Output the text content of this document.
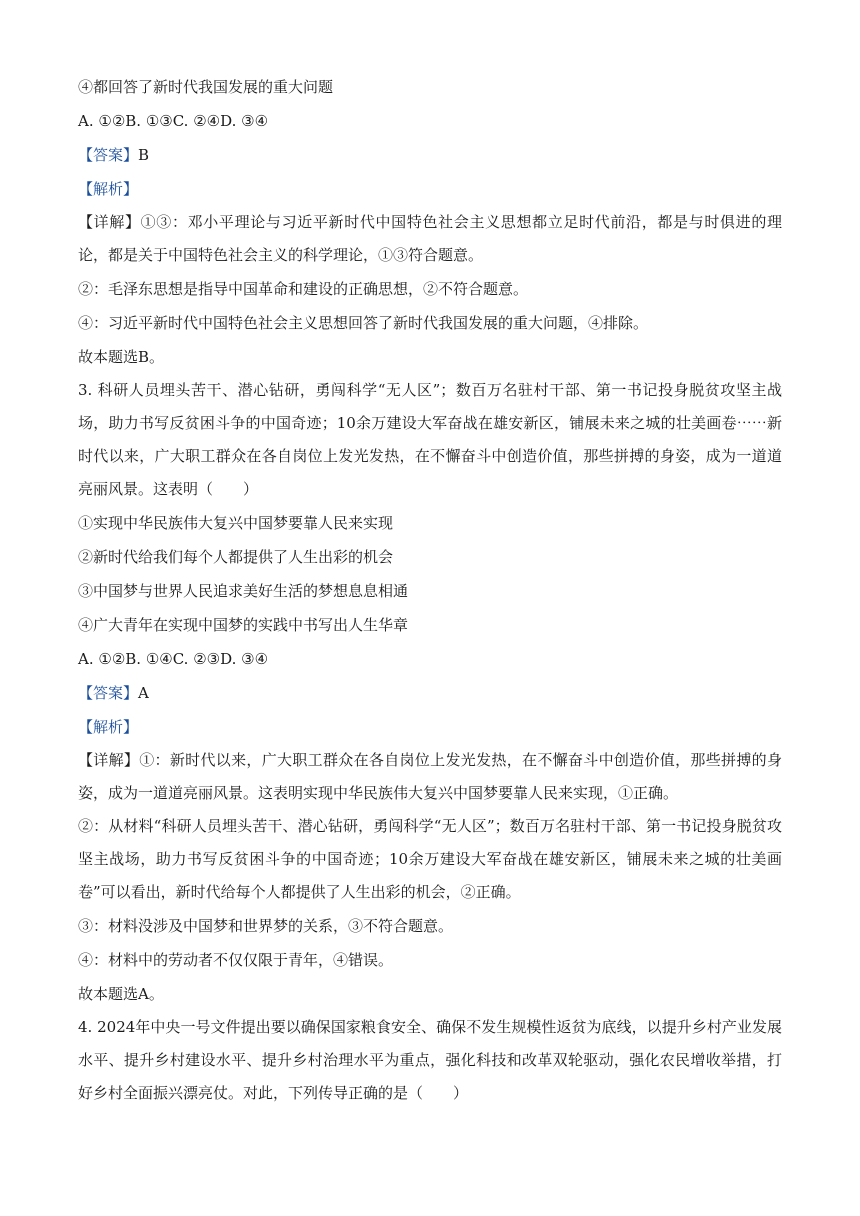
④都回答了新时代我国发展的重大问题

A. ①②B. ①③C. ②④D. ③④

【答案】B

【解析】

【详解】①③：邓小平理论与习近平新时代中国特色社会主义思想都立足时代前沿，都是与时俱进的理论，都是关于中国特色社会主义的科学理论，①③符合题意。

②：毛泽东思想是指导中国革命和建设的正确思想，②不符合题意。

④：习近平新时代中国特色社会主义思想回答了新时代我国发展的重大问题，④排除。

故本题选B。

3. 科研人员埋头苦干、潜心钻研，勇闯科学“无人区”；数百万名驻村干部、第一书记投身脱贫攻坚主战场，助力书写反贫困斗争的中国奇迹；10余万建设大军奋战在雄安新区，铺展未来之城的壮美画卷⋯⋯新时代以来，广大职工群众在各自岗位上发光发热，在不懈奋斗中创造价值，那些拼搏的身姿，成为一道道亮丽风景。这表明（　　）

①实现中华民族伟大复兴中国梦要靠人民来实现

②新时代给我们每个人都提供了人生出彩的机会

③中国梦与世界人民追求美好生活的梦想息息相通

④广大青年在实现中国梦的实践中书写出人生华章

A. ①②B. ①④C. ②③D. ③④

【答案】A

【解析】

【详解】①：新时代以来，广大职工群众在各自岗位上发光发热，在不懈奋斗中创造价值，那些拼搏的身姿，成为一道道亮丽风景。这表明实现中华民族伟大复兴中国梦要靠人民来实现，①正确。

②：从材料“科研人员埋头苦干、潜心钻研，勇闯科学“无人区”；数百万名驻村干部、第一书记投身脱贫攻坚主战场，助力书写反贫困斗争的中国奇迹；10余万建设大军奋战在雄安新区，铺展未来之城的壮美画卷”可以看出，新时代给每个人都提供了人生出彩的机会，②正确。

③：材料没涉及中国梦和世界梦的关系，③不符合题意。

④：材料中的劳动者不仅仅限于青年，④错误。

故本题选A。

4. 2024年中央一号文件提出要以确保国家粮食安全、确保不发生规模性返贫为底线，以提升乡村产业发展水平、提升乡村建设水平、提升乡村治理水平为重点，强化科技和改革双轮驱动，强化农民增收举措，打好乡村全面振兴漂亮仗。对此，下列传导正确的是（　　）
